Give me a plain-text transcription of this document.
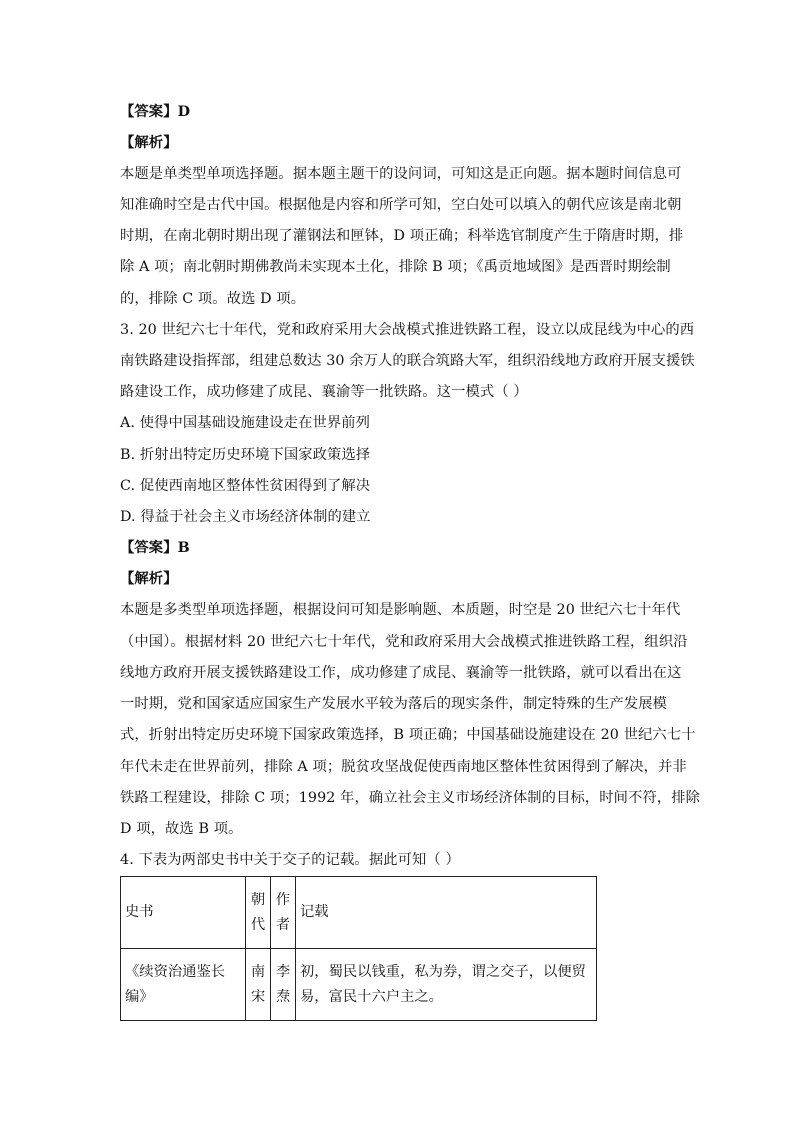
【答案】D
【解析】
本题是单类型单项选择题。据本题主题干的设问词，可知这是正向题。据本题时间信息可
知准确时空是古代中国。根据他是内容和所学可知，空白处可以填入的朝代应该是南北朝
时期，在南北朝时期出现了灌钢法和匣钵，D 项正确；科举选官制度产生于隋唐时期，排
除 A 项；南北朝时期佛教尚未实现本土化，排除 B 项；《禹贡地域图》是西晋时期绘制
的，排除 C 项。故选 D 项。
3. 20 世纪六七十年代，党和政府采用大会战模式推进铁路工程，设立以成昆线为中心的西
南铁路建设指挥部，组建总数达 30 余万人的联合筑路大军，组织沿线地方政府开展支援铁
路建设工作，成功修建了成昆、襄渝等一批铁路。这一模式（ ）
A. 使得中国基础设施建设走在世界前列
B. 折射出特定历史环境下国家政策选择
C. 促使西南地区整体性贫困得到了解决
D. 得益于社会主义市场经济体制的建立
【答案】B
【解析】
本题是多类型单项选择题，根据设问可知是影响题、本质题，时空是 20 世纪六七十年代
（中国）。根据材料 20 世纪六七十年代，党和政府采用大会战模式推进铁路工程，组织沿
线地方政府开展支援铁路建设工作，成功修建了成昆、襄渝等一批铁路，就可以看出在这
一时期，党和国家适应国家生产发展水平较为落后的现实条件，制定特殊的生产发展模
式，折射出特定历史环境下国家政策选择，B 项正确；中国基础设施建设在 20 世纪六七十
年代未走在世界前列，排除 A 项；脱贫攻坚战促使西南地区整体性贫困得到了解决，并非
铁路工程建设，排除 C 项；1992 年，确立社会主义市场经济体制的目标，时间不符，排除
D 项，故选 B 项。
4. 下表为两部史书中关于交子的记载。据此可知（ ）
史书	朝代	作者	记载

《续资治通鉴长编》	南宋	李焘	初，蜀民以钱重，私为券，谓之交子，以便贸易，富民十六户主之。
